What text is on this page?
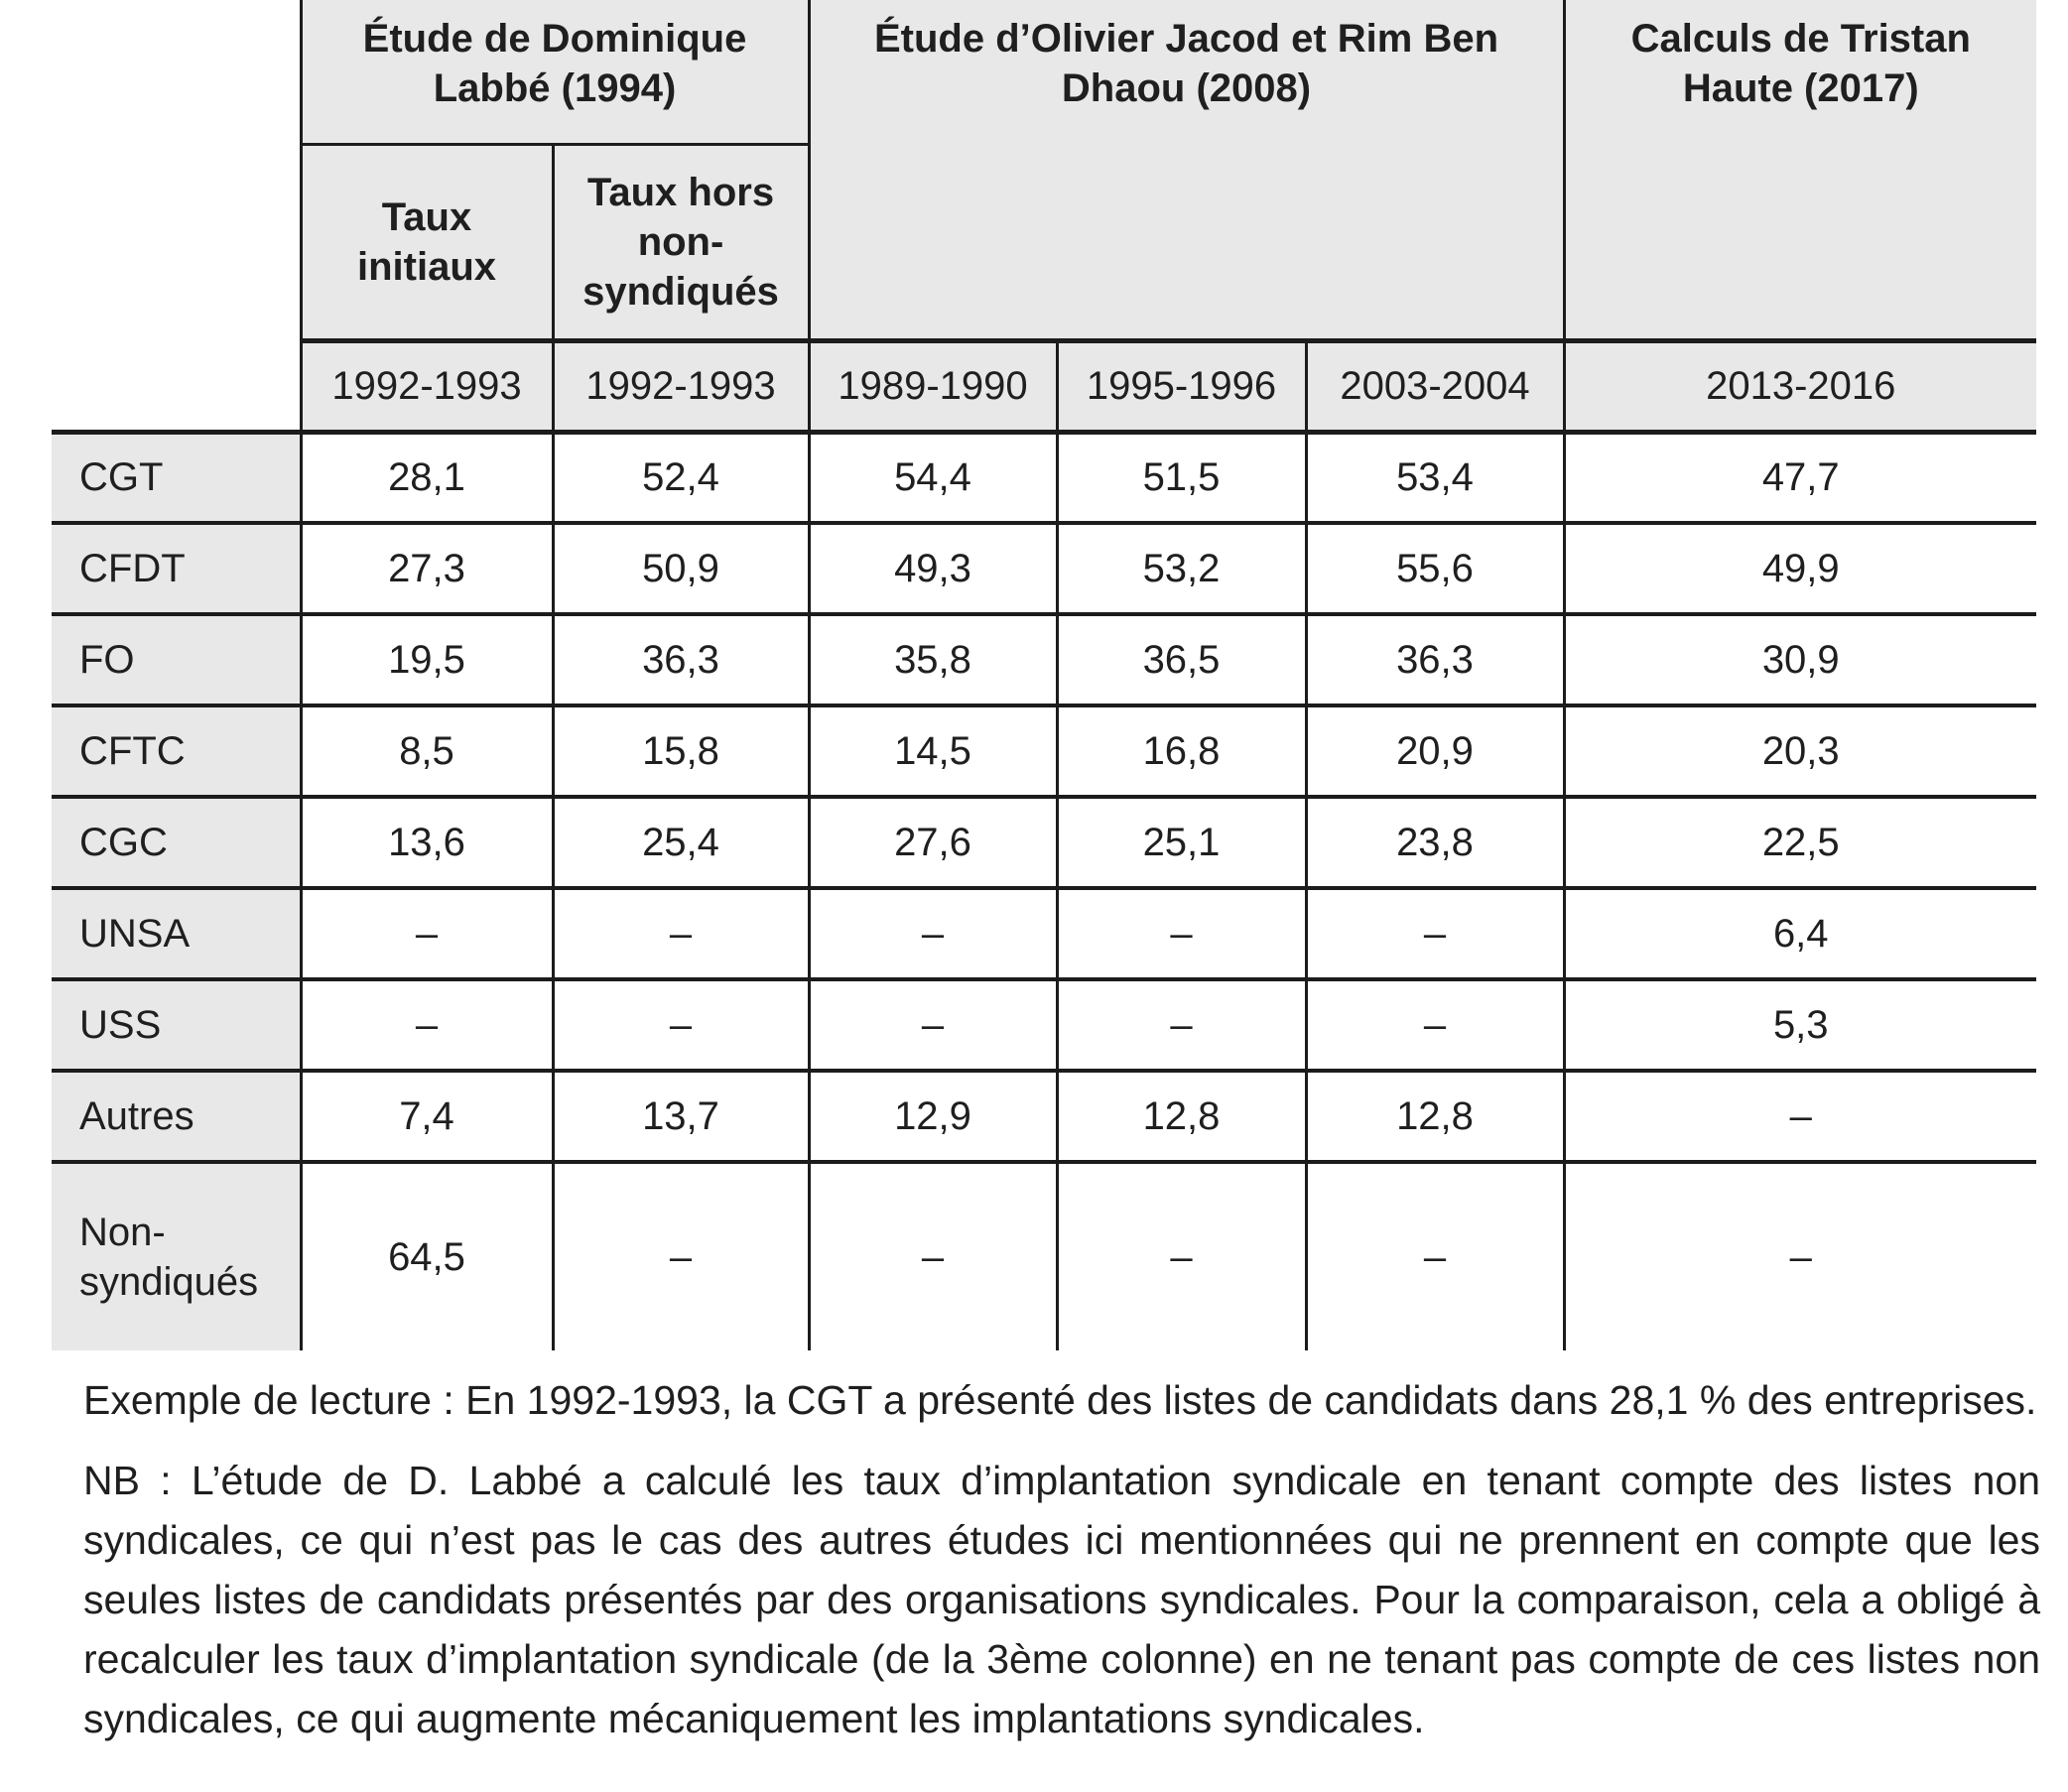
	Étude de Dominique Labbé (1994)		Étude d’Olivier Jacod et Rim Ben Dhaou (2008)			Calculs de Tristan Haute (2017)

	Taux initiaux	Taux hors non-syndiqués				
	1992-1993	1992-1993	1989-1990	1995-1996	2003-2004	2013-2016
CGT	28,1	52,4	54,4	51,5	53,4	47,7
CFDT	27,3	50,9	49,3	53,2	55,6	49,9
FO	19,5	36,3	35,8	36,5	36,3	30,9
CFTC	8,5	15,8	14,5	16,8	20,9	20,3
CGC	13,6	25,4	27,6	25,1	23,8	22,5
UNSA	–	–	–	–	–	6,4
USS	–	–	–	–	–	5,3
Autres	7,4	13,7	12,9	12,8	12,8	–
Non-syndiqués	64,5	–	–	–	–	–

Exemple de lecture : En 1992-1993, la CGT a présenté des listes de candidats dans 28,1 % des entreprises.

NB : L’étude de D. Labbé a calculé les taux d’implantation syndicale en tenant compte des listes non syndicales, ce qui n’est pas le cas des autres études ici mentionnées qui ne prennent en compte que les seules listes de candidats présentés par des organisations syndicales. Pour la comparaison, cela a obligé à recalculer les taux d’implantation syndicale (de la 3ème colonne) en ne tenant pas compte de ces listes non syndicales, ce qui augmente mécaniquement les implantations syndicales.
